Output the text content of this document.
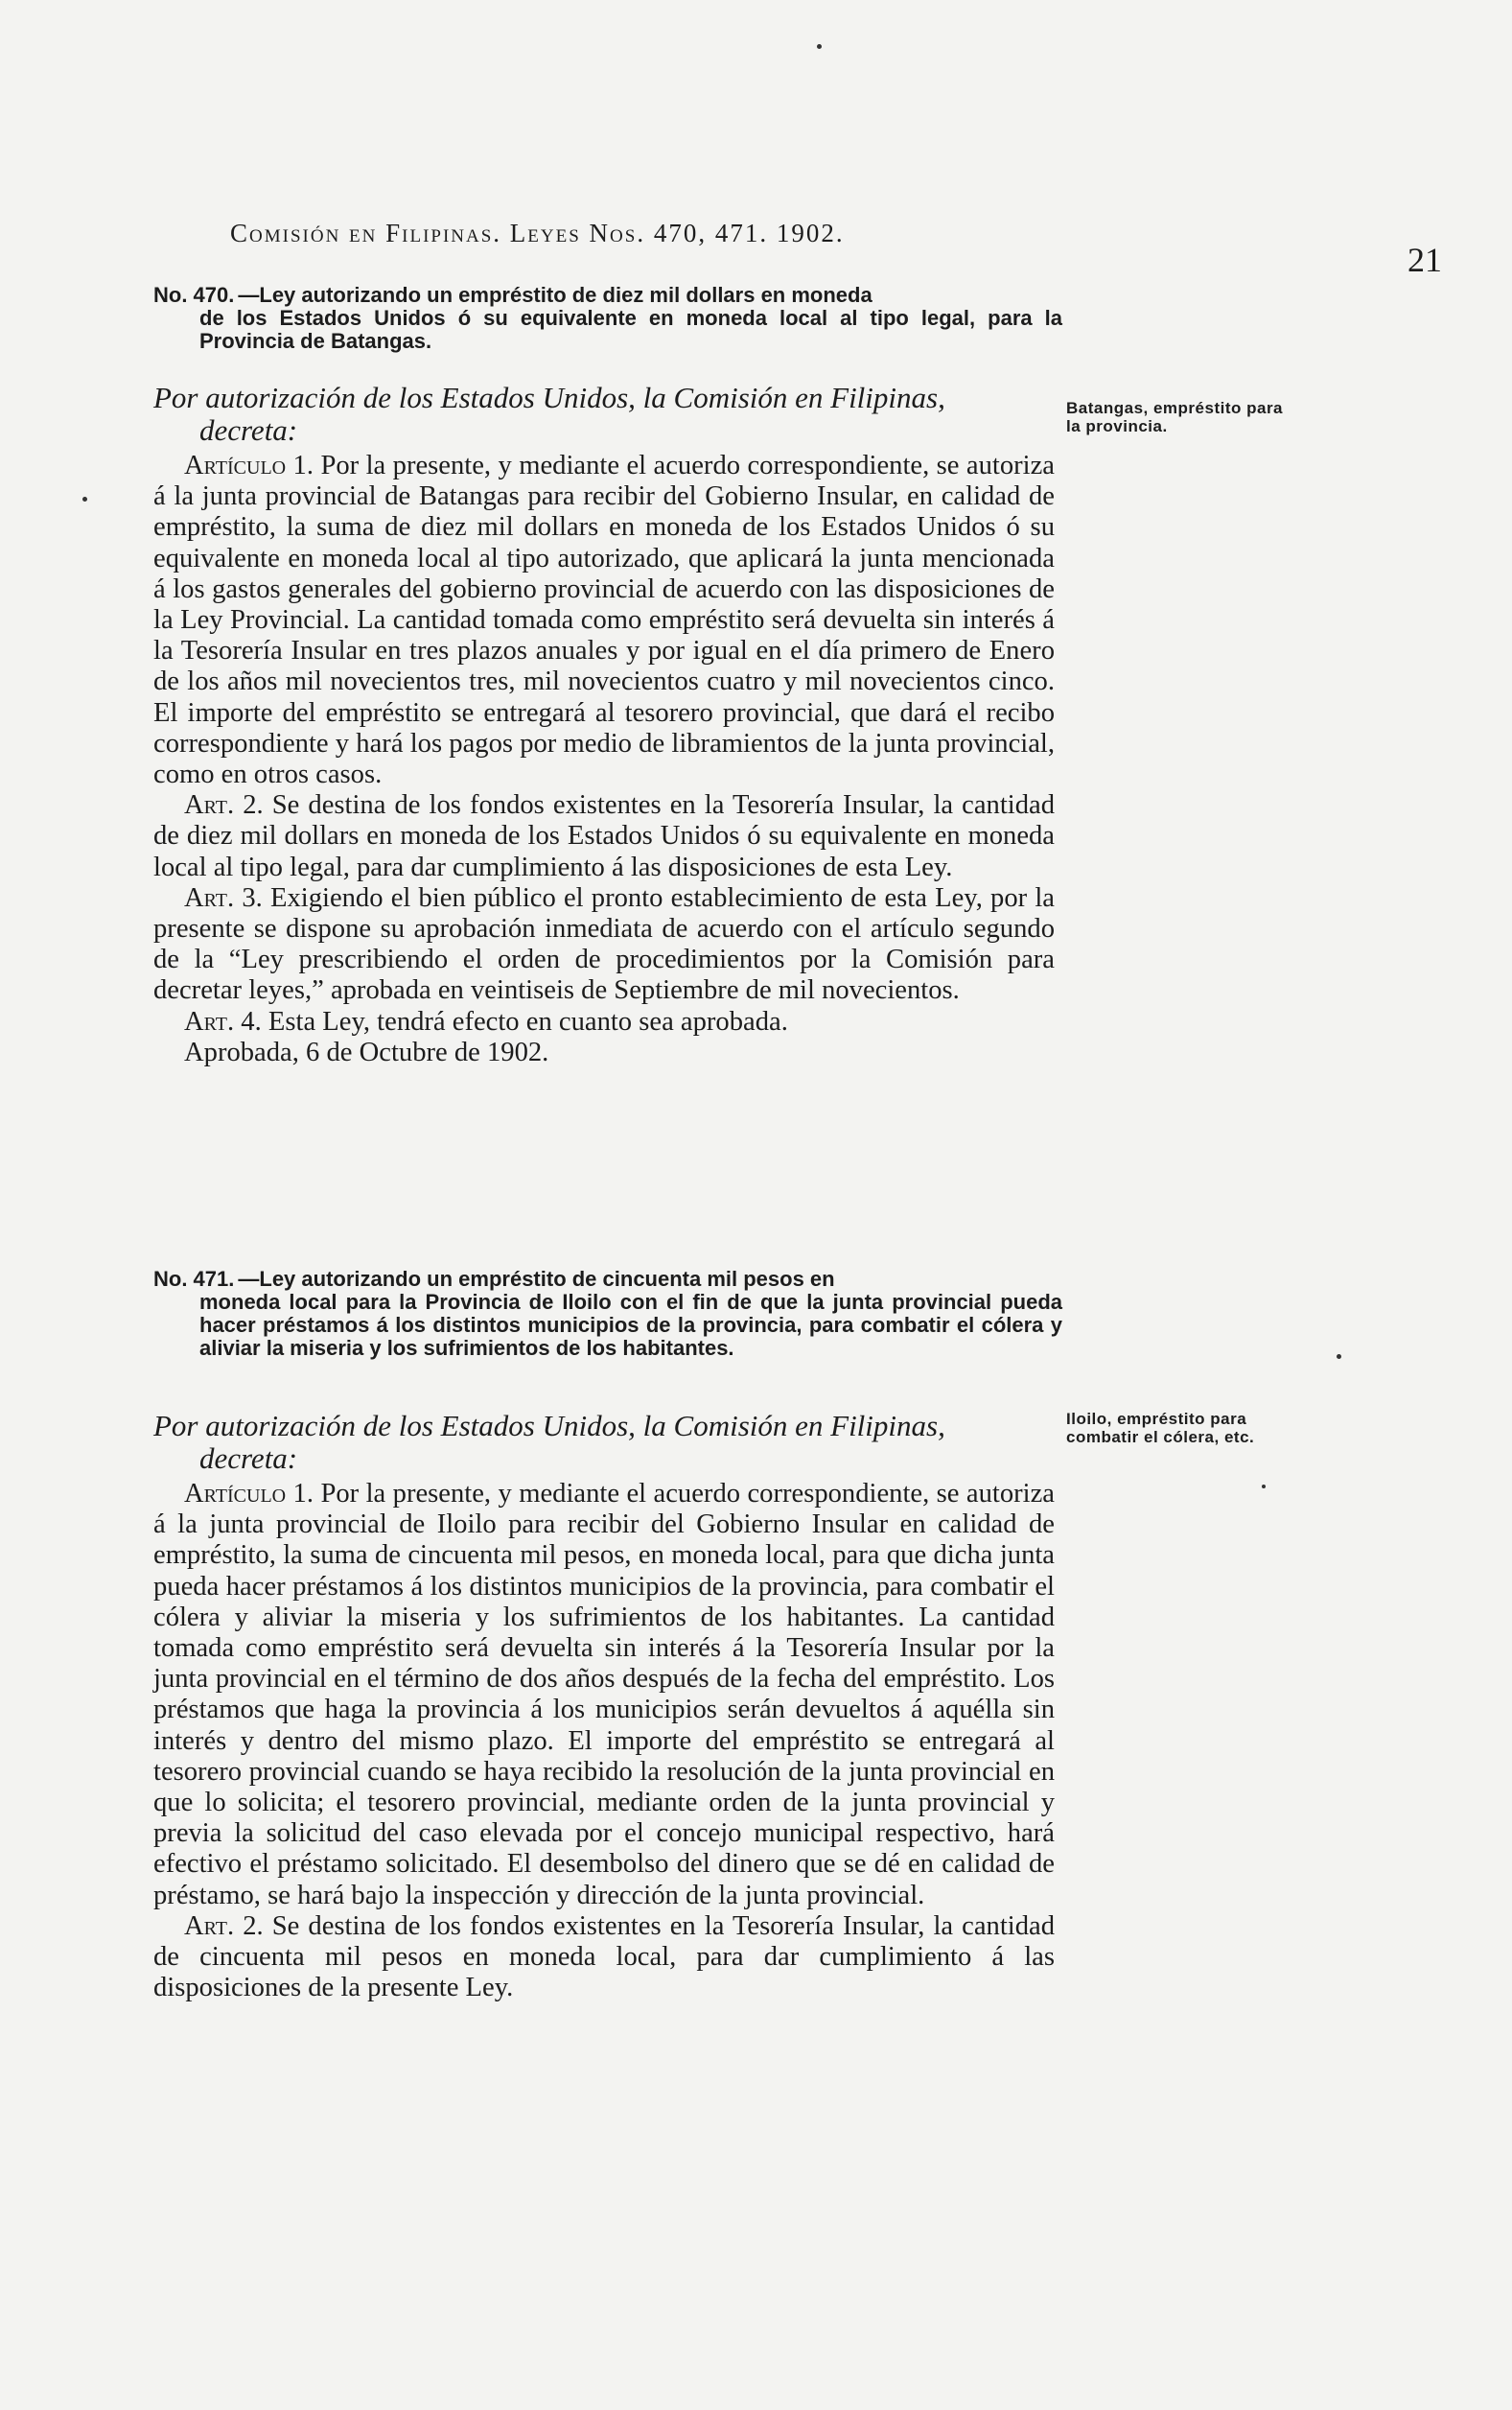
Comisión en Filipinas. Leyes Nos. 470, 471. 1902.
21
No. 470. —Ley autorizando un empréstito de diez mil dollars en moneda
de los Estados Unidos ó su equivalente en moneda local al tipo legal, para la Provincia de Batangas.
Por autorización de los Estados Unidos, la Comisión en Filipinas,
decreta:
Batangas, empréstito para la provincia.

Artículo 1. Por la presente, y mediante el acuerdo correspondiente, se autoriza á la junta provincial de Batangas para recibir del Gobierno Insular, en calidad de empréstito, la suma de diez mil dollars en moneda de los Estados Unidos ó su equivalente en moneda local al tipo autorizado, que aplicará la junta mencionada á los gastos generales del gobierno provincial de acuerdo con las disposiciones de la Ley Provincial. La cantidad tomada como empréstito será devuelta sin interés á la Tesorería Insular en tres plazos anuales y por igual en el día primero de Enero de los años mil novecientos tres, mil novecientos cuatro y mil novecientos cinco. El importe del empréstito se entregará al tesorero provincial, que dará el recibo correspondiente y hará los pagos por medio de libramientos de la junta provincial, como en otros casos.

Art. 2. Se destina de los fondos existentes en la Tesorería Insular, la cantidad de diez mil dollars en moneda de los Estados Unidos ó su equivalente en moneda local al tipo legal, para dar cumplimiento á las disposiciones de esta Ley.

Art. 3. Exigiendo el bien público el pronto establecimiento de esta Ley, por la presente se dispone su aprobación inmediata de acuerdo con el artículo segundo de la “Ley prescribiendo el orden de procedimientos por la Comisión para decretar leyes,” aprobada en veintiseis de Septiembre de mil novecientos.

Art. 4. Esta Ley, tendrá efecto en cuanto sea aprobada.

Aprobada, 6 de Octubre de 1902.

No. 471. —Ley autorizando un empréstito de cincuenta mil pesos en
moneda local para la Provincia de Iloilo con el fin de que la junta provincial pueda hacer préstamos á los distintos municipios de la provincia, para combatir el cólera y aliviar la miseria y los sufrimientos de los habitantes.
Por autorización de los Estados Unidos, la Comisión en Filipinas,
decreta:
Iloilo, empréstito para combatir el cólera, etc.

Artículo 1. Por la presente, y mediante el acuerdo correspondiente, se autoriza á la junta provincial de Iloilo para recibir del Gobierno Insular en calidad de empréstito, la suma de cincuenta mil pesos, en moneda local, para que dicha junta pueda hacer préstamos á los distintos municipios de la provincia, para combatir el cólera y aliviar la miseria y los sufrimientos de los habitantes. La cantidad tomada como empréstito será devuelta sin interés á la Tesorería Insular por la junta provincial en el término de dos años después de la fecha del empréstito. Los préstamos que haga la provincia á los municipios serán devueltos á aquélla sin interés y dentro del mismo plazo. El importe del empréstito se entregará al tesorero provincial cuando se haya recibido la resolución de la junta provincial en que lo solicita; el tesorero provincial, mediante orden de la junta provincial y previa la solicitud del caso elevada por el concejo municipal respectivo, hará efectivo el préstamo solicitado. El desembolso del dinero que se dé en calidad de préstamo, se hará bajo la inspección y dirección de la junta provincial.

Art. 2. Se destina de los fondos existentes en la Tesorería Insular, la cantidad de cincuenta mil pesos en moneda local, para dar cumplimiento á las disposiciones de la presente Ley.
